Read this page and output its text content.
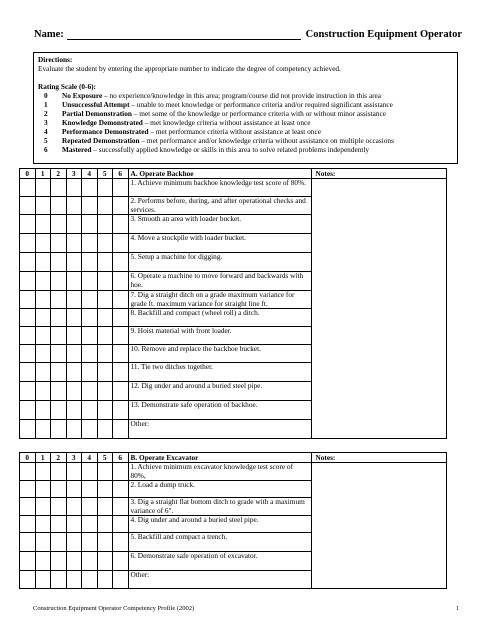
Name:	Construction Equipment Operator
Directions:
Evaluate the student by entering the appropriate number to indicate the degree of competency achieved.
Rating Scale (0-6):
0 No Exposure – no experience/knowledge in this area; program/course did not provide instruction in this area
1 Unsuccessful Attempt – unable to meet knowledge or performance criteria and/or required significant assistance
2 Partial Demonstration – met some of the knowledge or performance criteria with or without minor assistance
3 Knowledge Demonstrated – met knowledge criteria without assistance at least once
4 Performance Demonstrated – met performance criteria without assistance at least once
5 Repeated Demonstration – met performance and/or knowledge criteria without assistance on multiple occasions
6 Mastered – successfully applied knowledge or skills in this area to solve related problems independently
0	1	2	3	4	5	6	A. Operate Backhoe	Notes:
							1. Achieve minimum backhoe knowledge test score of 80%.	
							2. Performs before, during, and after operational checks and services.	
							3. Smooth an area with loader bucket.	
							4. Move a stockpile with loader bucket.	
							5. Setup a machine for digging.	
							6. Operate a machine to move forward and backwards with hoe.	
							7. Dig a straight ditch on a grade maximum variance for grade ft. maximum variance for straight line ft.	
							8. Backfill and compact (wheel roll) a ditch.	
							9. Hoist material with front loader.	
							10. Remove and replace the backhoe bucket.	
							11. Tie two ditches together.	
							12. Dig under and around a buried steel pipe.	
							13. Demonstrate safe operation of backhoe.	
							Other:	
0	1	2	3	4	5	6	B. Operate Excavator	Notes:
							1. Achieve minimum excavator knowledge test score of 80%,	
							2. Load a dump truck.	
							3. Dig a straight flat bottom ditch to grade with a maximum variance of 6".	
							4. Dig under and around a buried steel pipe.	
							5. Backfill and compact a trench.	
							6. Demonstrate safe operation of excavator.	
							Other:	
Construction Equipment Operator Competency Profile (2002)	1
